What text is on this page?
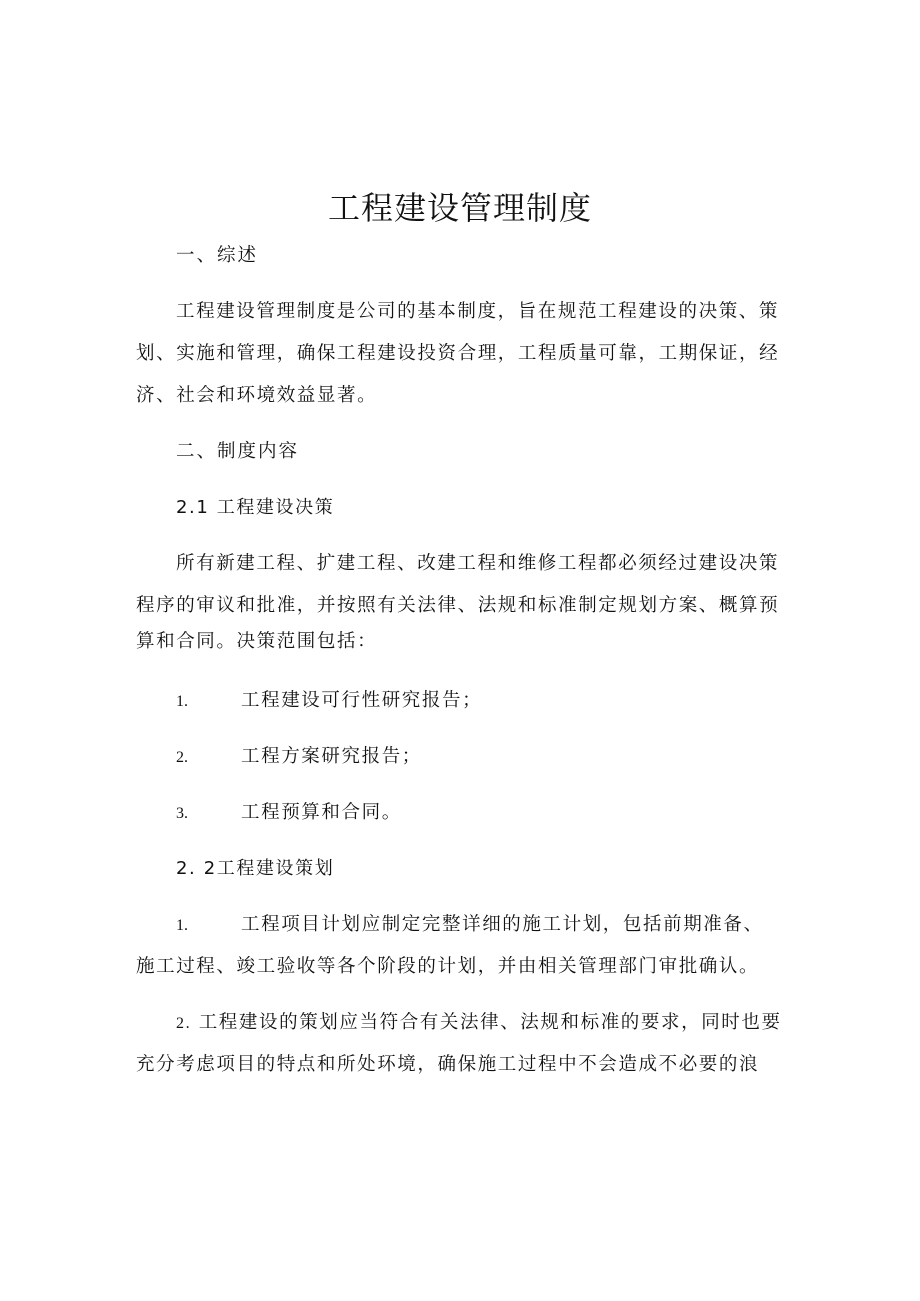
工程建设管理制度
一、综述
工程建设管理制度是公司的基本制度，旨在规范工程建设的决策、策
划、实施和管理，确保工程建设投资合理，工程质量可靠，工期保证，经
济、社会和环境效益显著。
二、制度内容
2.1 工程建设决策
所有新建工程、扩建工程、改建工程和维修工程都必须经过建设决策
程序的审议和批准，并按照有关法律、法规和标准制定规划方案、概算预
算和合同。决策范围包括：
1.	工程建设可行性研究报告；
2.	工程方案研究报告；
3.	工程预算和合同。
2. 2工程建设策划
1.	工程项目计划应制定完整详细的施工计划，包括前期准备、
施工过程、竣工验收等各个阶段的计划，并由相关管理部门审批确认。
2. 工程建设的策划应当符合有关法律、法规和标准的要求，同时也要
充分考虑项目的特点和所处环境，确保施工过程中不会造成不必要的浪
